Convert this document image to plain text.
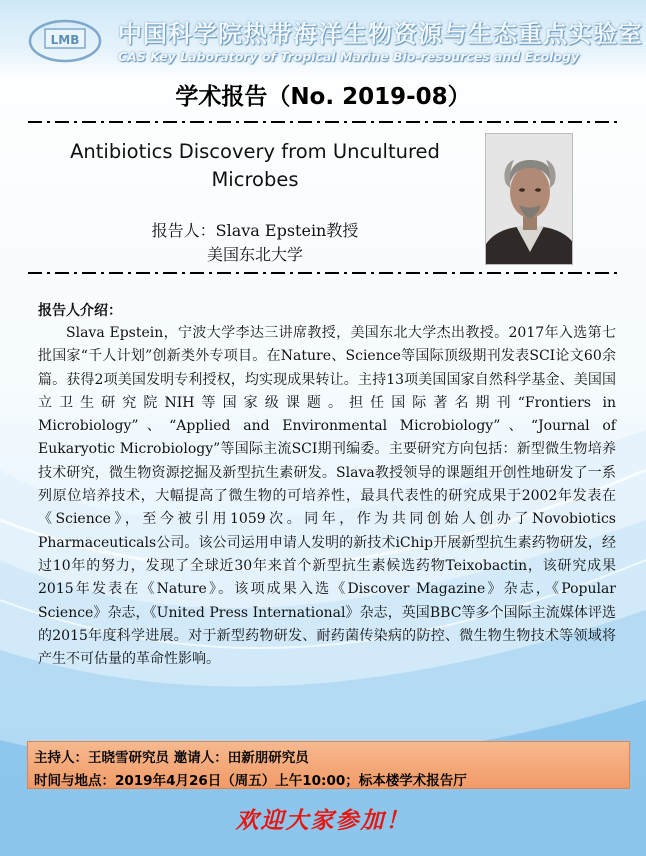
LMB 中国科学院热带海洋生物资源与生态重点实验室
CAS Key Laboratory of Tropical Marine Bio-resources and Ecology
学术报告（No. 2019-08）
Antibiotics Discovery from Uncultured
Microbes
报告人：Slava Epstein教授
美国东北大学
报告人介绍：
Slava Epstein，宁波大学李达三讲席教授，美国东北大学杰出教授。2017年入选第七批国家“千人计划”创新类外专项目。在Nature、Science等国际顶级期刊发表SCI论文60余篇。获得2项美国发明专利授权，均实现成果转让。主持13项美国国家自然科学基金、美国国立卫生研究院NIH等国家级课题。担任国际著名期刊“Frontiers in Microbiology”、“Applied and Environmental Microbiology”、“Journal of Eukaryotic Microbiology”等国际主流SCI期刊编委。主要研究方向包括：新型微生物培养技术研究，微生物资源挖掘及新型抗生素研发。Slava教授领导的课题组开创性地研发了一系列原位培养技术，大幅提高了微生物的可培养性，最具代表性的研究成果于2002年发表在《Science》，至今被引用1059次。同年，作为共同创始人创办了Novobiotics Pharmaceuticals公司。该公司运用申请人发明的新技术iChip开展新型抗生素药物研发，经过10年的努力，发现了全球近30年来首个新型抗生素候选药物Teixobactin，该研究成果2015年发表在《Nature》。该项成果入选《Discover Magazine》杂志，《Popular Science》杂志，《United Press International》杂志，英国BBC等多个国际主流媒体评选的2015年度科学进展。对于新型药物研发、耐药菌传染病的防控、微生物生物技术等领域将产生不可估量的革命性影响。
主持人：王晓雪研究员 邀请人：田新朋研究员
时间与地点：2019年4月26日（周五）上午10:00；标本楼学术报告厅
欢迎大家参加！
